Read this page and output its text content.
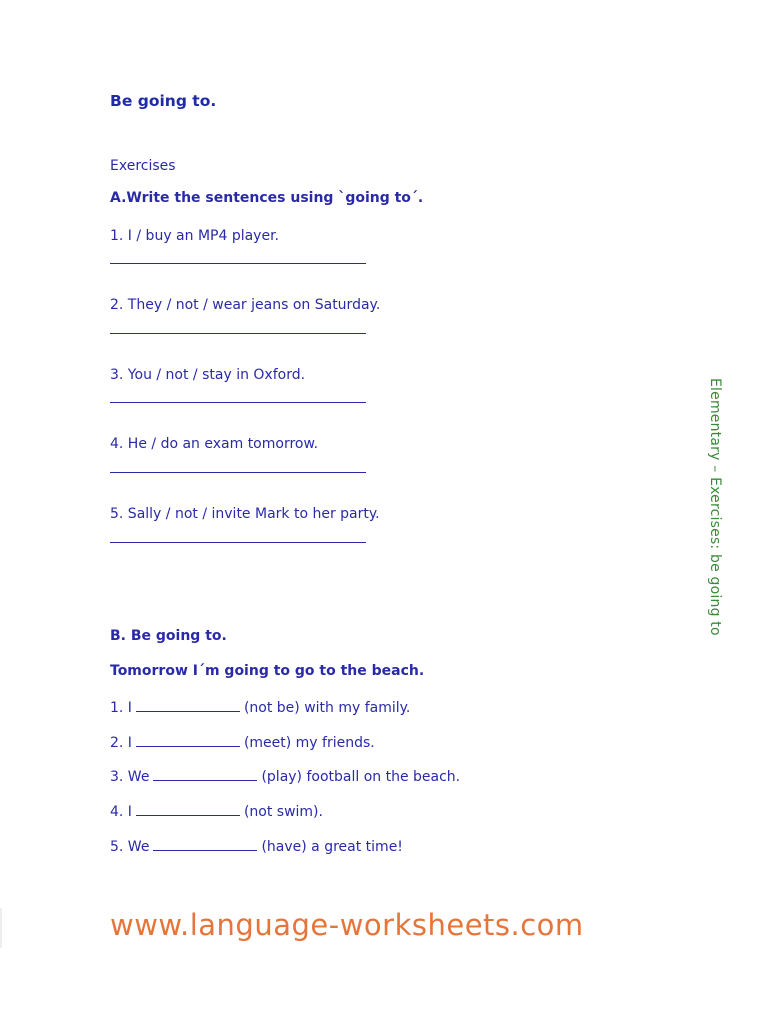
Be going to.
Exercises
A.Write the sentences using `going to´.
1. I / buy an MP4 player.
2. They / not / wear jeans on Saturday.
3. You / not / stay in Oxford.
4. He / do an exam tomorrow.
5. Sally / not / invite Mark to her party.
B. Be going to.
Tomorrow I´m going to go to the beach.
1. I	(not be) with my family.
2. I	(meet) my friends.
3. We	(play) football on the beach.
4. I	(not swim).
5. We	(have) a great time!
Elementary – Exercises: be going to
www.language-worksheets.com
